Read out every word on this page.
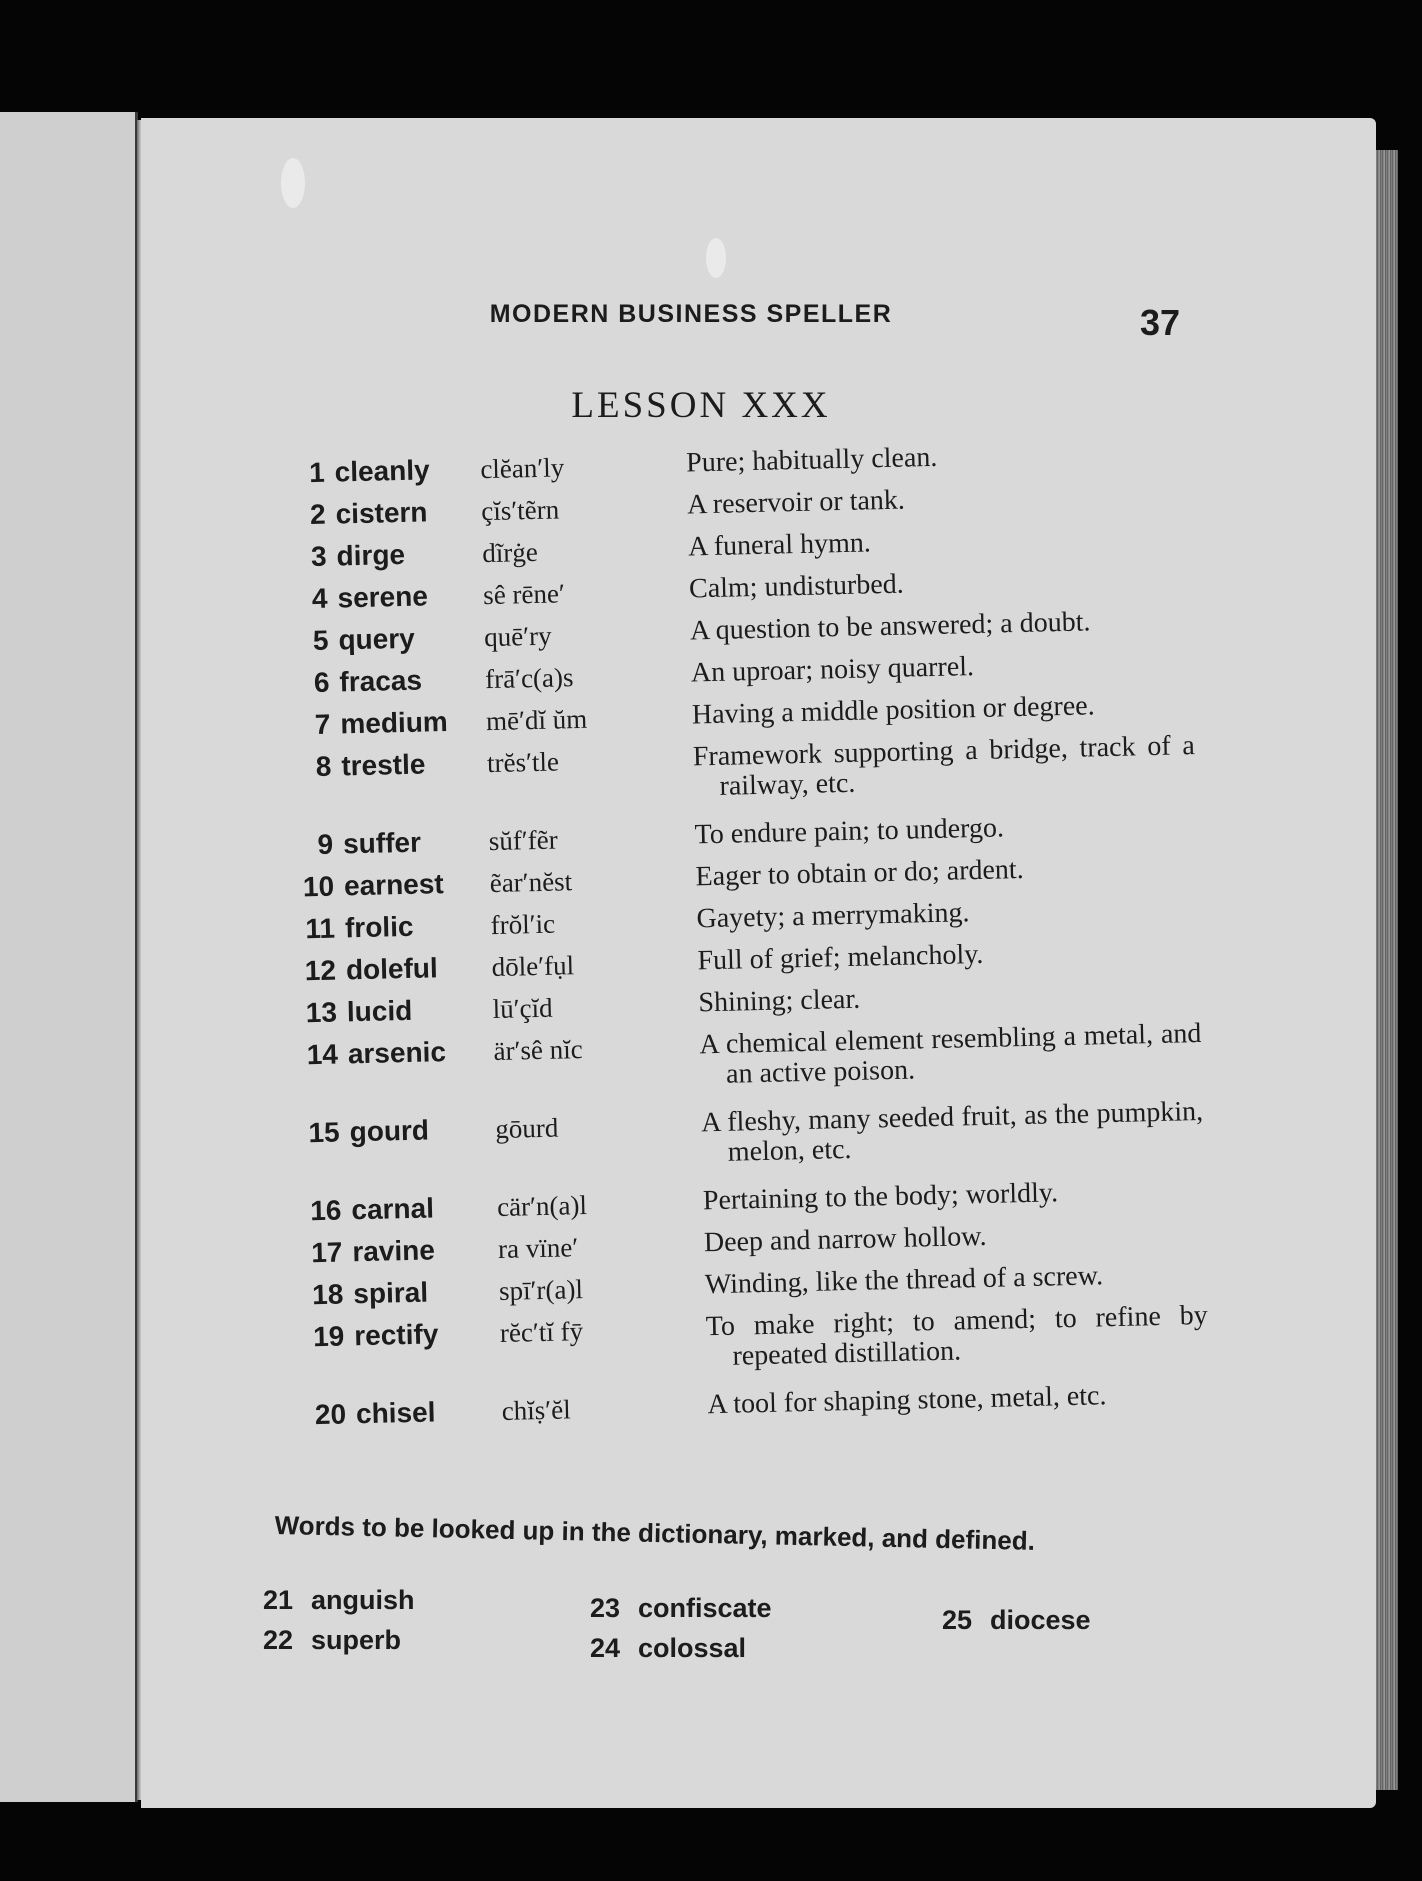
MODERN BUSINESS SPELLER	37
LESSON XXX
1 cleanly	clĕan′ly	Pure; habitually clean.
2 cistern	çĭs′tẽrn	A reservoir or tank.
3 dirge	dĩrġe	A funeral hymn.
4 serene	sê rēne′	Calm; undisturbed.
5 query	quē′ry	A question to be answered; a doubt.
6 fracas	frā′c(a)s	An uproar; noisy quarrel.
7 medium	mē′dĭ ŭm	Having a middle position or degree.
8 trestle	trĕs′tle	Framework supporting a bridge, track of a railway, etc.
9 suffer	sŭf′fẽr	To endure pain; to undergo.
10 earnest	ẽar′nĕst	Eager to obtain or do; ardent.
11 frolic	frŏl′ic	Gayety; a merrymaking.
12 doleful	dōle′fụl	Full of grief; melancholy.
13 lucid	lū′çĭd	Shining; clear.
14 arsenic	är′sê nĭc	A chemical element resembling a metal, and an active poison.
15 gourd	gōurd	A fleshy, many seeded fruit, as the pumpkin, melon, etc.
16 carnal	cär′n(a)l	Pertaining to the body; worldly.
17 ravine	ra vïne′	Deep and narrow hollow.
18 spiral	spī′r(a)l	Winding, like the thread of a screw.
19 rectify	rĕc′tĭ fȳ	To make right; to amend; to refine by repeated distillation.
20 chisel	chĭṣ′ĕl	A tool for shaping stone, metal, etc.
Words to be looked up in the dictionary, marked, and defined.
21 anguish
22 superb
23 confiscate
24 colossal
25 diocese
